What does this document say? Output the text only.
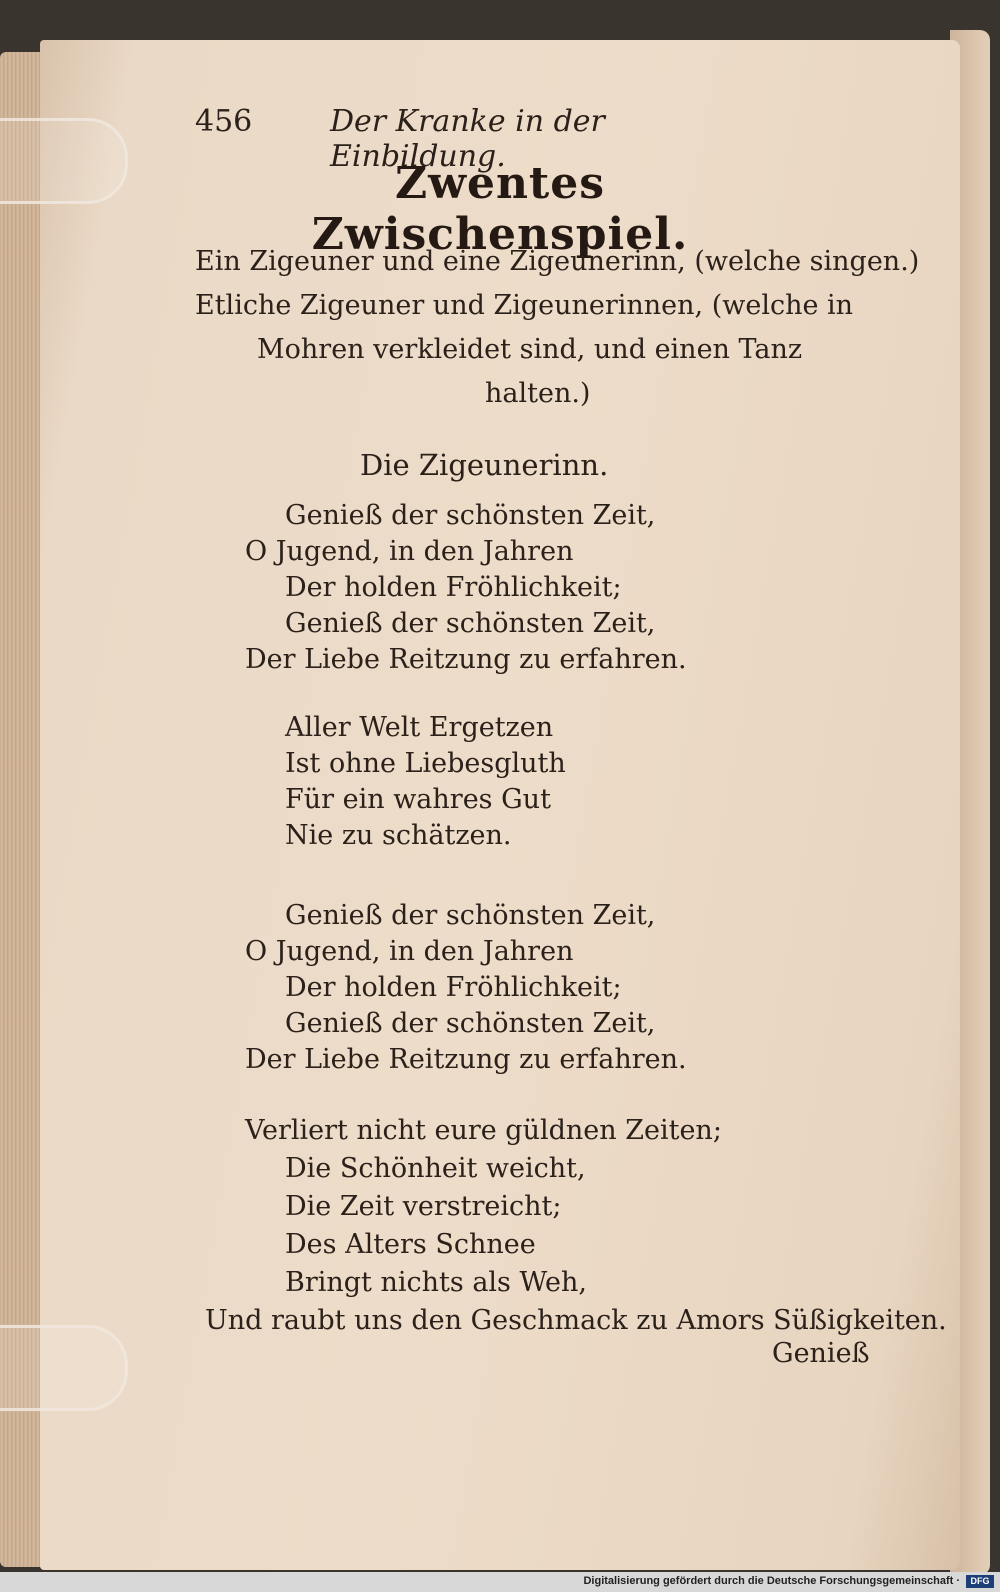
456	Der Kranke in der Einbildung.
Zwentes Zwischenspiel.
Ein Zigeuner und eine Zigeunerinn, (welche singen.)
Etliche Zigeuner und Zigeunerinnen, (welche in
Mohren verkleidet sind, und einen Tanz
halten.)
Die Zigeunerinn.
Genieß der schönsten Zeit,
O Jugend, in den Jahren
Der holden Fröhlichkeit;
Genieß der schönsten Zeit,
Der Liebe Reitzung zu erfahren.
Aller Welt Ergetzen
Ist ohne Liebesgluth
Für ein wahres Gut
Nie zu schätzen.
Genieß der schönsten Zeit,
O Jugend, in den Jahren
Der holden Fröhlichkeit;
Genieß der schönsten Zeit,
Der Liebe Reitzung zu erfahren.
Verliert nicht eure güldnen Zeiten;
Die Schönheit weicht,
Die Zeit verstreicht;
Des Alters Schnee
Bringt nichts als Weh,
Und raubt uns den Geschmack zu Amors Süßigkeiten.
Genieß
Digitalisierung gefördert durch die Deutsche Forschungsgemeinschaft ·	DFG
